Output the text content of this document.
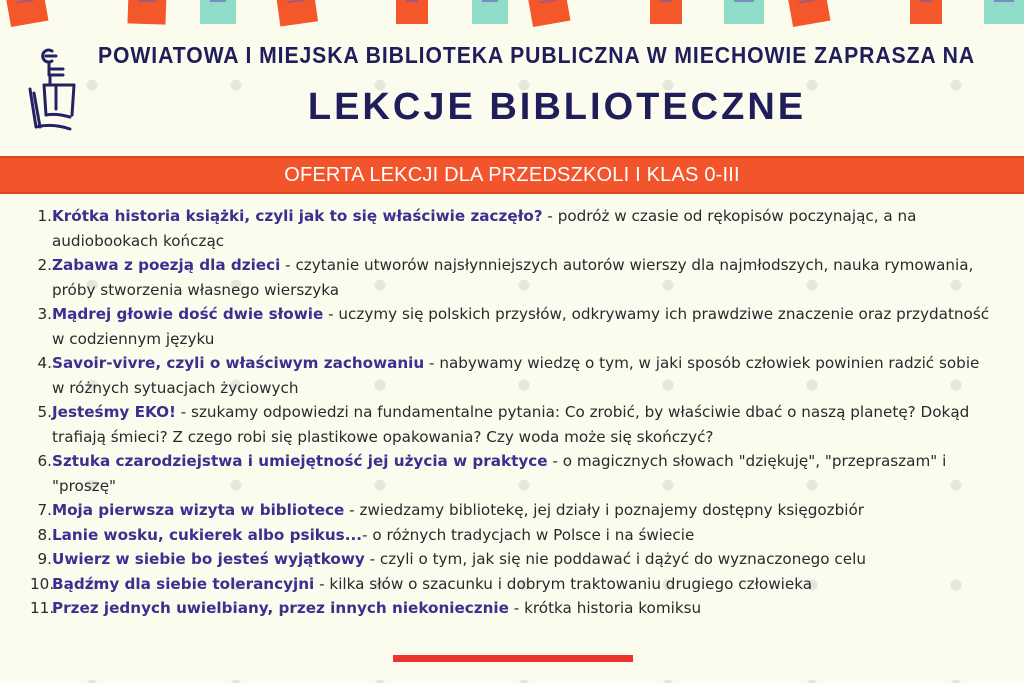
POWIATOWA I MIEJSKA BIBLIOTEKA PUBLICZNA W MIECHOWIE ZAPRASZA NA
LEKCJE BIBLIOTECZNE
OFERTA LEKCJI DLA PRZEDSZKOLI I KLAS 0-III
1. Krótka historia książki, czyli jak to się właściwie zaczęło? - podróż w czasie od rękopisów poczynając, a na audiobookach kończąc
2. Zabawa z poezją dla dzieci - czytanie utworów najsłynniejszych autorów wierszy dla najmłodszych, nauka rymowania, próby stworzenia własnego wierszyka
3. Mądrej głowie dość dwie słowie - uczymy się polskich przysłów, odkrywamy ich prawdziwe znaczenie oraz przydatność w codziennym języku
4. Savoir-vivre, czyli o właściwym zachowaniu - nabywamy wiedzę o tym, w jaki sposób człowiek powinien radzić sobie w różnych sytuacjach życiowych
5. Jesteśmy EKO! - szukamy odpowiedzi na fundamentalne pytania: Co zrobić, by właściwie dbać o naszą planetę? Dokąd trafiają śmieci? Z czego robi się plastikowe opakowania? Czy woda może się skończyć?
6. Sztuka czarodziejstwa i umiejętność jej użycia w praktyce - o magicznych słowach "dziękuję", "przepraszam" i "proszę"
7. Moja pierwsza wizyta w bibliotece - zwiedzamy bibliotekę, jej działy i poznajemy dostępny księgozbiór
8. Lanie wosku, cukierek albo psikus...- o różnych tradycjach w Polsce i na świecie
9. Uwierz w siebie bo jesteś wyjątkowy - czyli o tym, jak się nie poddawać i dążyć do wyznaczonego celu
10.
Bądźmy dla siebie tolerancyjni - kilka słów o szacunku i dobrym traktowaniu drugiego człowieka
11.
Przez jednych uwielbiany, przez innych niekoniecznie - krótka historia komiksu
